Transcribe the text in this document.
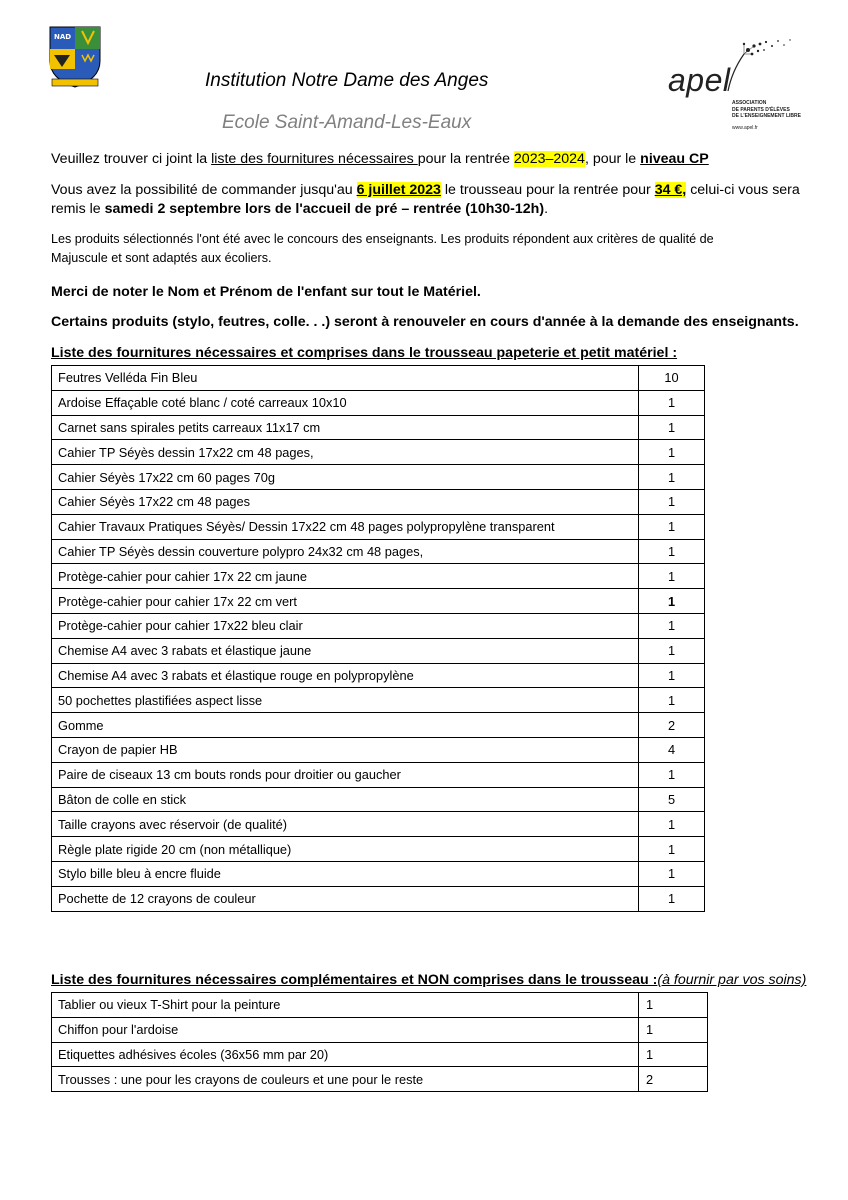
NAD
Institution Notre Dame des Anges
Ecole Saint-Amand-Les-Eaux
apel
ASSOCIATION
DE PARENTS D'ÉLÈVES
DE L'ENSEIGNEMENT LIBRE
www.apel.fr
Veuillez trouver ci joint la liste des fournitures nécessaires pour la rentrée 2023–2024, pour le niveau CP
Vous avez la possibilité de commander jusqu'au 6 juillet 2023 le trousseau pour la rentrée pour 34 €, celui-ci vous sera remis le samedi 2 septembre lors de l'accueil de pré – rentrée (10h30-12h).
Les produits sélectionnés l'ont été avec le concours des enseignants. Les produits répondent aux critères de qualité de Majuscule et sont adaptés aux écoliers.
Merci de noter le Nom et Prénom de l'enfant sur tout le Matériel.
Certains produits (stylo, feutres, colle. . .) seront à renouveler en cours d'année à la demande des enseignants.
Liste des fournitures nécessaires et comprises dans le trousseau papeterie et petit matériel :
Feutres Velléda Fin Bleu	10
Ardoise Effaçable coté blanc / coté carreaux 10x10	1
Carnet sans spirales petits carreaux 11x17 cm	1
Cahier TP Séyès dessin 17x22 cm 48 pages,	1
Cahier Séyès 17x22 cm 60 pages 70g	1
Cahier Séyès 17x22 cm 48 pages	1
Cahier Travaux Pratiques Séyès/ Dessin 17x22 cm 48 pages polypropylène transparent	1
Cahier TP Séyès dessin couverture polypro 24x32 cm 48 pages,	1
Protège-cahier pour cahier 17x 22 cm jaune	1
Protège-cahier pour cahier 17x 22 cm vert	1
Protège-cahier pour cahier 17x22 bleu clair	1
Chemise A4 avec 3 rabats et élastique jaune	1
Chemise A4 avec 3 rabats et élastique rouge en polypropylène	1
50 pochettes plastifiées aspect lisse	1
Gomme	2
Crayon de papier HB	4
Paire de ciseaux 13 cm bouts ronds pour droitier ou gaucher	1
Bâton de colle en stick	5
Taille crayons avec réservoir (de qualité)	1
Règle plate rigide 20 cm (non métallique)	1
Stylo bille bleu à encre fluide	1
Pochette de 12 crayons de couleur	1
Liste des fournitures nécessaires complémentaires et NON comprises dans le trousseau :(à fournir par vos soins)
Tablier ou vieux T-Shirt pour la peinture	1
Chiffon pour l'ardoise	1
Etiquettes adhésives écoles (36x56 mm par 20)	1
Trousses : une pour les crayons de couleurs et une pour le reste	2
